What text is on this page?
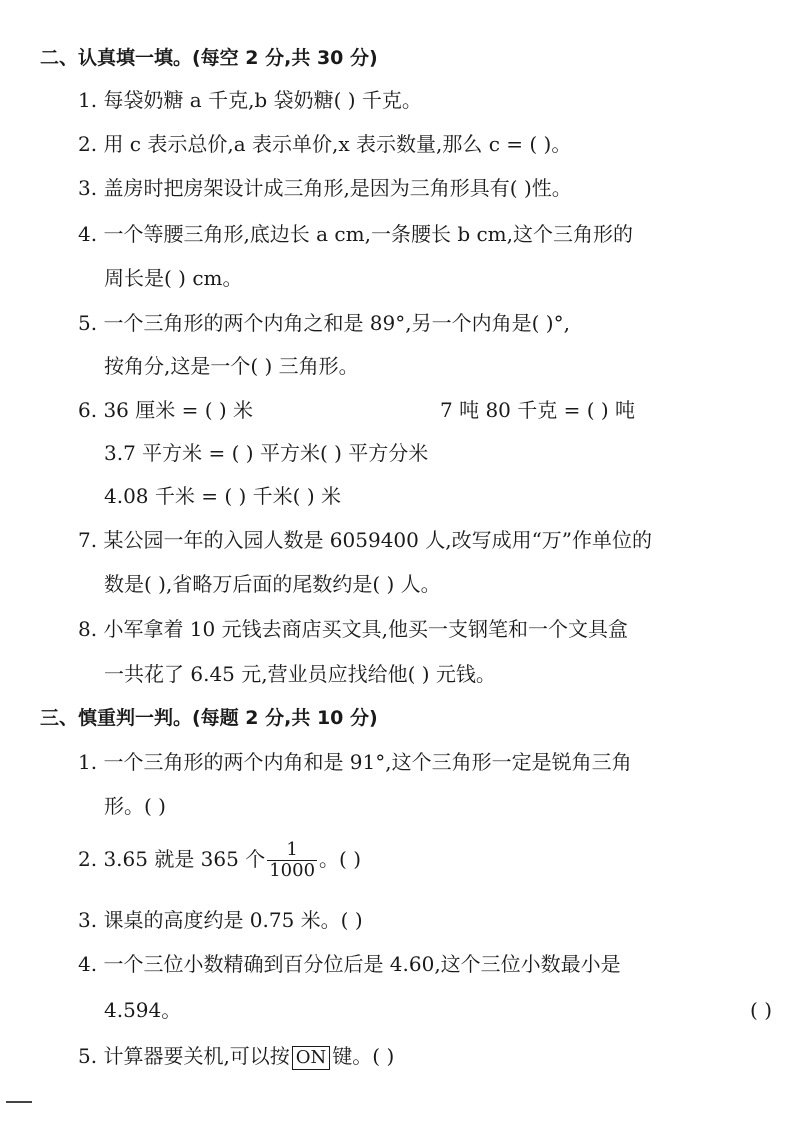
二、认真填一填。(每空 2 分,共 30 分)
1. 每袋奶糖 a 千克,b 袋奶糖( ) 千克。
2. 用 c 表示总价,a 表示单价,x 表示数量,那么 c = ( )。
3. 盖房时把房架设计成三角形,是因为三角形具有( )性。
4. 一个等腰三角形,底边长 a cm,一条腰长 b cm,这个三角形的
周长是( ) cm。
5. 一个三角形的两个内角之和是 89°,另一个内角是( )°,
按角分,这是一个( ) 三角形。
6. 36 厘米 = ( ) 米	7 吨 80 千克 = ( ) 吨
3.7 平方米 = ( ) 平方米( ) 平方分米
4.08 千米 = ( ) 千米( ) 米
7. 某公园一年的入园人数是 6059400 人,改写成用“万”作单位的
数是( ),省略万后面的尾数约是( ) 人。
8. 小军拿着 10 元钱去商店买文具,他买一支钢笔和一个文具盒
一共花了 6.45 元,营业员应找给他( ) 元钱。
三、慎重判一判。(每题 2 分,共 10 分)
1. 一个三角形的两个内角和是 91°,这个三角形一定是锐角三角
形。( )
2. 3.65 就是 365 个 $\frac{1}{1000}$ 。( )
3. 课桌的高度约是 0.75 米。( )
4. 一个三位小数精确到百分位后是 4.60,这个三位小数最小是
4.594。	( )
5. 计算器要关机,可以按 ON 键。( )
